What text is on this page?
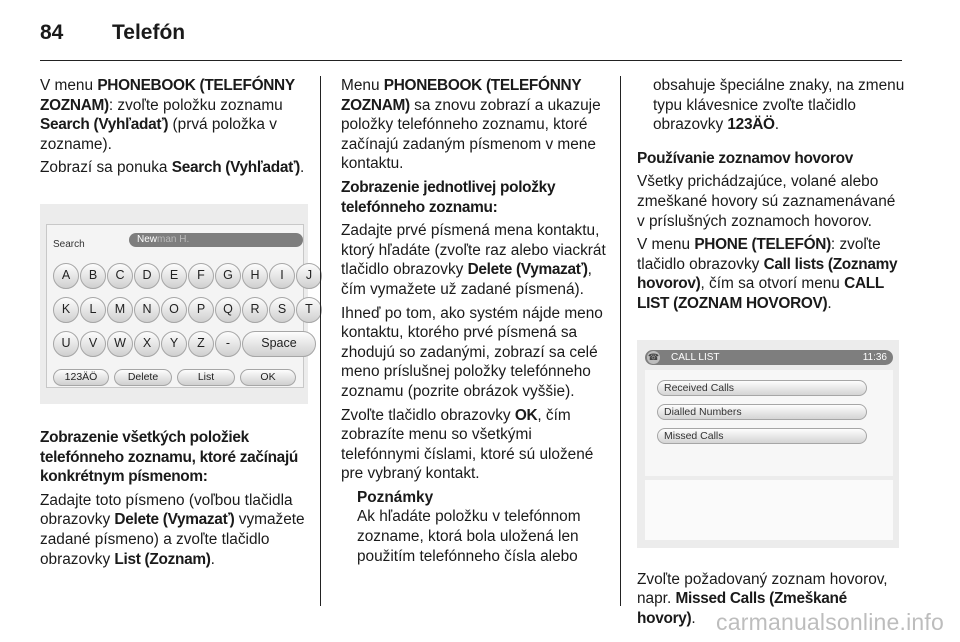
84	Telefón

V menu PHONEBOOK (TELEFÓNNY ZOZNAM): zvoľte položku zoznamu Search (Vyhľadať) (prvá položka v zozname).

Zobrazí sa ponuka Search (Vyhľadať).

Search	Newman H.
A	B	C	D	E	F	G	H	I	J
K	L	M	N	O	P	Q	R	S	T
U	V	W	X	Y	Z	-	Space
123ÄÖ	Delete	List	OK

Zobrazenie všetkých položiek telefónneho zoznamu, ktoré začínajú konkrétnym písmenom:

Zadajte toto písmeno (voľbou tlačidla obrazovky Delete (Vymazať) vymažete zadané písmeno) a zvoľte tlačidlo obrazovky List (Zoznam).

Menu PHONEBOOK (TELEFÓNNY ZOZNAM) sa znovu zobrazí a ukazuje položky telefónneho zoznamu, ktoré začínajú zadaným písmenom v mene kontaktu.

Zobrazenie jednotlivej položky telefónneho zoznamu:

Zadajte prvé písmená mena kontaktu, ktorý hľadáte (zvoľte raz alebo viackrát tlačidlo obrazovky Delete (Vymazať), čím vymažete už zadané písmená).

Ihneď po tom, ako systém nájde meno kontaktu, ktorého prvé písmená sa zhodujú so zadanými, zobrazí sa celé meno príslušnej položky telefónneho zoznamu (pozrite obrázok vyššie).

Zvoľte tlačidlo obrazovky OK, čím zobrazíte menu so všetkými telefónnymi číslami, ktoré sú uložené pre vybraný kontakt.

Poznámky
Ak hľadáte položku v telefónnom zozname, ktorá bola uložená len použitím telefónneho čísla alebo

obsahuje špeciálne znaky, na zmenu typu klávesnice zvoľte tlačidlo obrazovky 123ÄÖ.

Používanie zoznamov hovorov

Všetky prichádzajúce, volané alebo zmeškané hovory sú zaznamenávané v príslušných zoznamoch hovorov.

V menu PHONE (TELEFÓN): zvoľte tlačidlo obrazovky Call lists (Zoznamy hovorov), čím sa otvorí menu CALL LIST (ZOZNAM HOVOROV).

☎ CALL LIST	11:36
Received Calls
Dialled Numbers
Missed Calls

Zvoľte požadovaný zoznam hovorov, napr. Missed Calls (Zmeškané hovory). carmanualsonline.info
